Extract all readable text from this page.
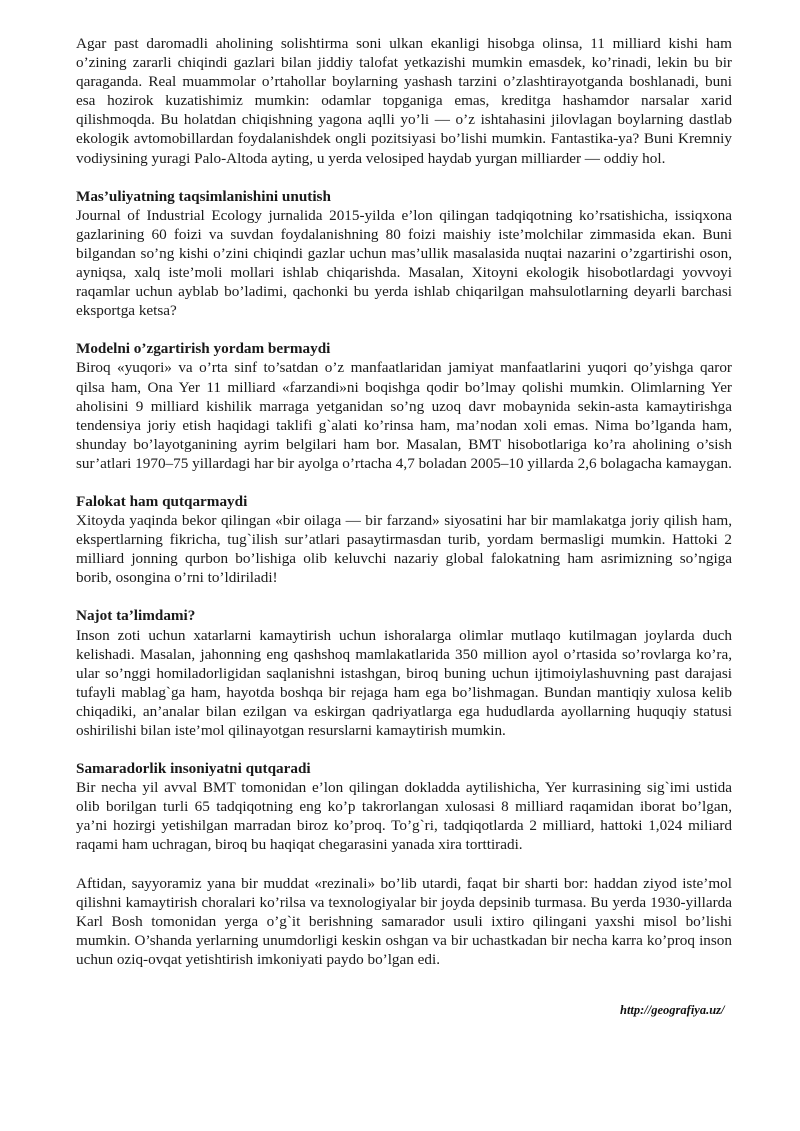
Agar past daromadli aholining solishtirma soni ulkan ekanligi hisobga olinsa, 11 milliard kishi ham o’zining zararli chiqindi gazlari bilan jiddiy talofat yetkazishi mumkin emasdek, ko’rinadi, lekin bu bir qaraganda. Real muammolar o’rtahollar boylarning yashash tarzini o’zlashtirayotganda boshlanadi, buni esa hozirok kuzatishimiz mumkin: odamlar topganiga emas, kreditga hashamdor narsalar xarid qilishmoqda. Bu holatdan chiqishning yagona aqlli yo’li — o’z ishtahasini jilovlagan boylarning dastlab ekologik avtomobillardan foydalanishdek ongli pozitsiyasi bo’lishi mumkin. Fantastika-ya? Buni Kremniy vodiysining yuragi Palo-Altoda ayting, u yerda velosiped haydab yurgan milliarder — oddiy hol.

Mas’uliyatning taqsimlanishini unutish

Journal of Industrial Ecology jurnalida 2015-yilda e’lon qilingan tadqiqotning ko’rsatishicha, issiqxona gazlarining 60 foizi va suvdan foydalanishning 80 foizi maishiy iste’molchilar zimmasida ekan. Buni bilgandan so’ng kishi o’zini chiqindi gazlar uchun mas’ullik masalasida nuqtai nazarini o’zgartirishi oson, ayniqsa, xalq iste’moli mollari ishlab chiqarishda. Masalan, Xitoyni ekologik hisobotlardagi yovvoyi raqamlar uchun ayblab bo’ladimi, qachonki bu yerda ishlab chiqarilgan mahsulotlarning deyarli barchasi eksportga ketsa?

Modelni o’zgartirish yordam bermaydi

Biroq «yuqori» va o’rta sinf to’satdan o’z manfaatlaridan jamiyat manfaatlarini yuqori qo’yishga qaror qilsa ham, Ona Yer 11 milliard «farzandi»ni boqishga qodir bo’lmay qolishi mumkin. Olimlarning Yer aholisini 9 milliard kishilik marraga yetganidan so’ng uzoq davr mobaynida sekin-asta kamaytirishga tendensiya joriy etish haqidagi taklifi g`alati ko’rinsa ham, ma’nodan xoli emas. Nima bo’lganda ham, shunday bo’layotganining ayrim belgilari ham bor. Masalan, BMT hisobotlariga ko’ra aholining o’sish sur’atlari 1970–75 yillardagi har bir ayolga o’rtacha 4,7 boladan 2005–10 yillarda 2,6 bolagacha kamaygan.

Falokat ham qutqarmaydi

Xitoyda yaqinda bekor qilingan «bir oilaga — bir farzand» siyosatini har bir mamlakatga joriy qilish ham, ekspertlarning fikricha, tug`ilish sur’atlari pasaytirmasdan turib, yordam bermasligi mumkin. Hattoki 2 milliard jonning qurbon bo’lishiga olib keluvchi nazariy global falokatning ham asrimizning so’ngiga borib, osongina o’rni to’ldiriladi!

Najot ta’limdami?

Inson zoti uchun xatarlarni kamaytirish uchun ishoralarga olimlar mutlaqo kutilmagan joylarda duch kelishadi. Masalan, jahonning eng qashshoq mamlakatlarida 350 million ayol o’rtasida so’rovlarga ko’ra, ular so’nggi homiladorligidan saqlanishni istashgan, biroq buning uchun ijtimoiylashuvning past darajasi tufayli mablag`ga ham, hayotda boshqa bir rejaga ham ega bo’lishmagan. Bundan mantiqiy xulosa kelib chiqadiki, an’analar bilan ezilgan va eskirgan qadriyatlarga ega hududlarda ayollarning huquqiy statusi oshirilishi bilan iste’mol qilinayotgan resurslarni kamaytirish mumkin.

Samaradorlik insoniyatni qutqaradi

Bir necha yil avval BMT tomonidan e’lon qilingan dokladda aytilishicha, Yer kurrasining sig`imi ustida olib borilgan turli 65 tadqiqotning eng ko’p takrorlangan xulosasi 8 milliard raqamidan iborat bo’lgan, ya’ni hozirgi yetishilgan marradan biroz ko’proq. To’g`ri, tadqiqotlarda 2 milliard, hattoki 1,024 miliard raqami ham uchragan, biroq bu haqiqat chegarasini yanada xira torttiradi.

Aftidan, sayyoramiz yana bir muddat «rezinali» bo’lib utardi, faqat bir sharti bor: haddan ziyod iste’mol qilishni kamaytirish choralari ko’rilsa va texnologiyalar bir joyda depsinib turmasa. Bu yerda 1930-yillarda Karl Bosh tomonidan yerga o’g`it berishning samarador usuli ixtiro qilingani yaxshi misol bo’lishi mumkin. O’shanda yerlarning unumdorligi keskin oshgan va bir uchastkadan bir necha karra ko’proq inson uchun oziq-ovqat yetishtirish imkoniyati paydo bo’lgan edi.

http://geografiya.uz/
